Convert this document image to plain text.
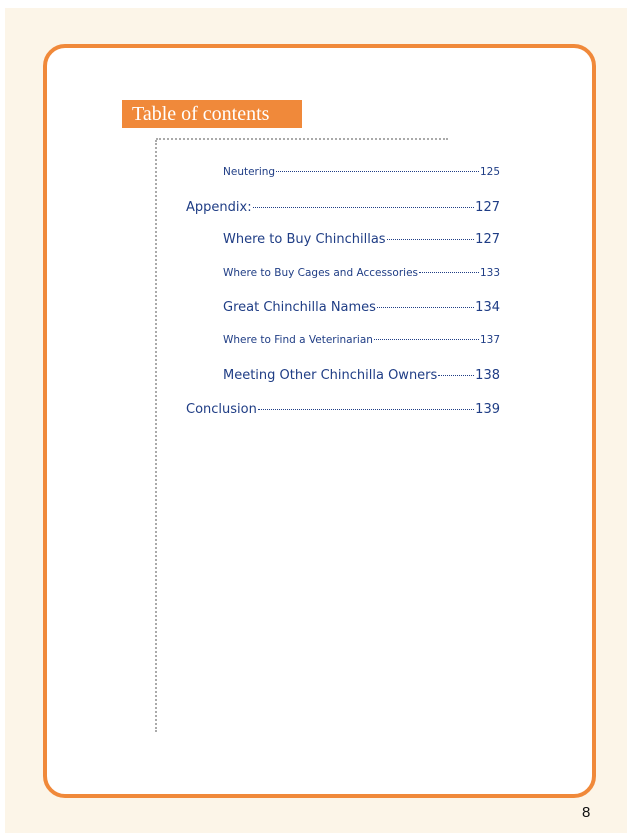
Table of contents
Neutering	125
Appendix:	127
Where to Buy Chinchillas	127
Where to Buy Cages and Accessories	133
Great Chinchilla Names	134
Where to Find a Veterinarian	137
Meeting Other Chinchilla Owners	138
Conclusion	139
8
